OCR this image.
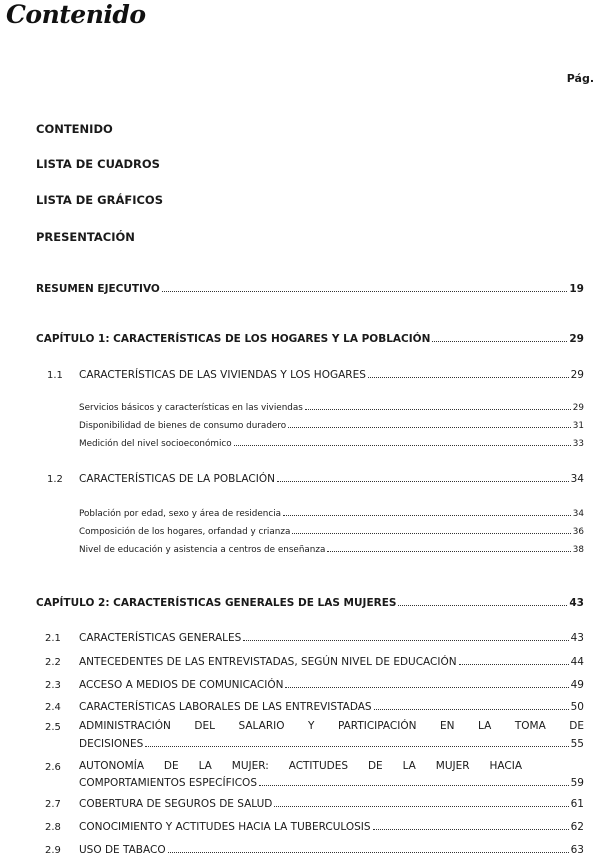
Contenido
Pág.
CONTENIDO
LISTA DE CUADROS
LISTA DE GRÁFICOS
PRESENTACIÓN
RESUMEN EJECUTIVO	19
CAPÍTULO 1: CARACTERÍSTICAS DE LOS HOGARES Y LA POBLACIÓN	29
1.1 CARACTERÍSTICAS DE LAS VIVIENDAS Y LOS HOGARES	29
Servicios básicos y características en las viviendas	29
Disponibilidad de bienes de consumo duradero	31
Medición del nivel socioeconómico	33
1.2 CARACTERÍSTICAS DE LA POBLACIÓN	34
Población por edad, sexo y área de residencia	34
Composición de los hogares, orfandad y crianza	36
Nivel de educación y asistencia a centros de enseñanza	38
CAPÍTULO 2: CARACTERÍSTICAS GENERALES DE LAS MUJERES	43
2.1 CARACTERÍSTICAS GENERALES	43
2.2 ANTECEDENTES DE LAS ENTREVISTADAS, SEGÚN NIVEL DE EDUCACIÓN	44
2.3 ACCESO A MEDIOS DE COMUNICACIÓN	49
2.4 CARACTERÍSTICAS LABORALES DE LAS ENTREVISTADAS	50
2.5 ADMINISTRACIÓN DEL SALARIO Y PARTICIPACIÓN EN LA TOMA DE
DECISIONES	55
2.6 AUTONOMÍA DE LA MUJER: ACTITUDES DE LA MUJER HACIA
COMPORTAMIENTOS ESPECÍFICOS	59
2.7 COBERTURA DE SEGUROS DE SALUD	61
2.8 CONOCIMIENTO Y ACTITUDES HACIA LA TUBERCULOSIS	62
2.9 USO DE TABACO	63
